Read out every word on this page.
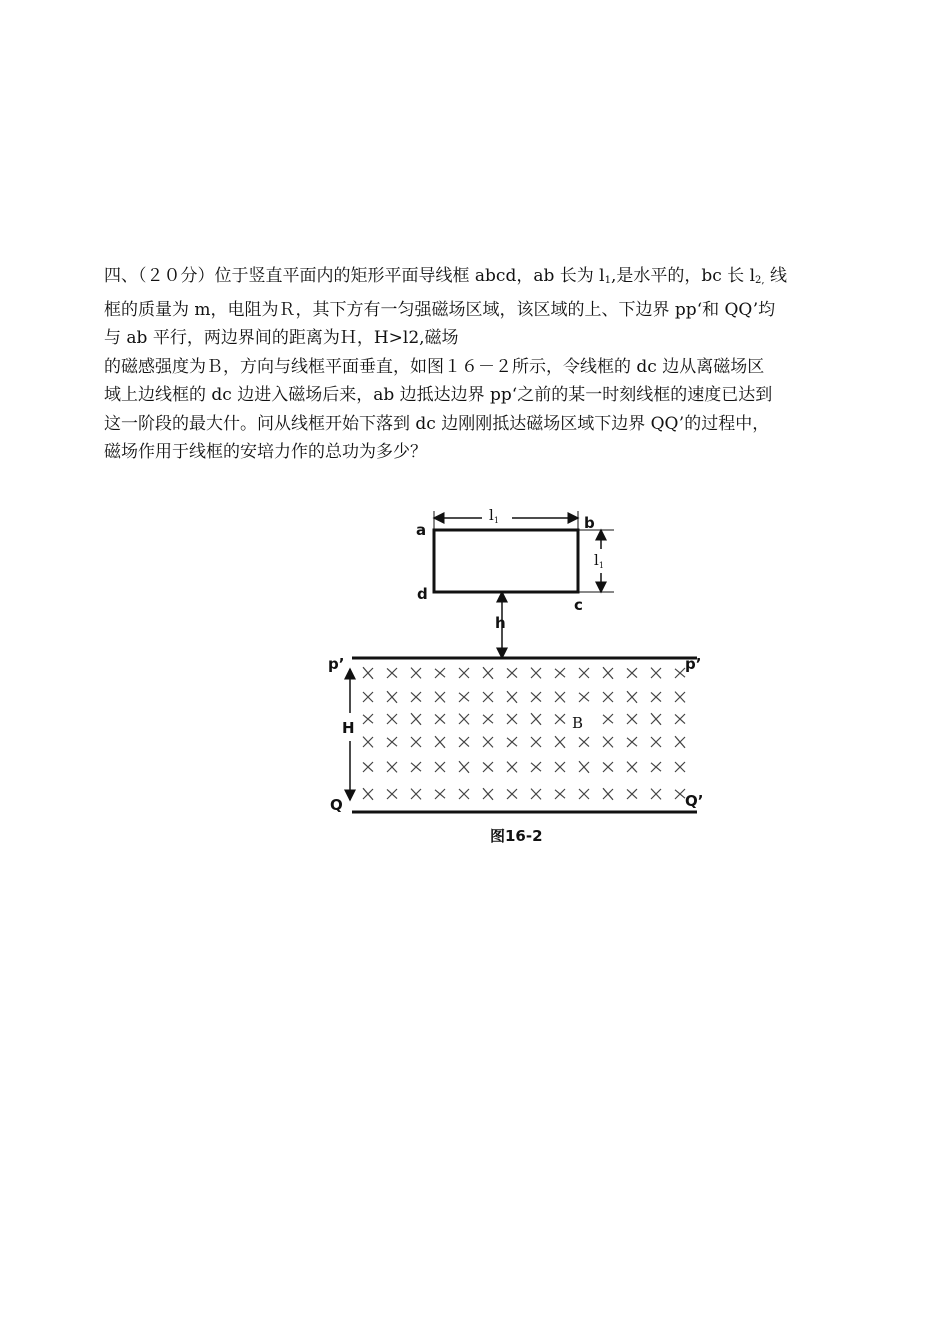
四、（２０分）位于竖直平面内的矩形平面导线框 abcd，ab 长为 $l_1$,是水平的，bc 长 $l_{2,}$ 线

框的质量为 m，电阻为Ｒ，其下方有一匀强磁场区域，该区域的上、下边界 pp‘和 QQ’均

与 ab 平行，两边界间的距离为Ｈ，H>l2,磁场

的磁感强度为Ｂ，方向与线框平面垂直，如图１６－２所示，令线框的 dc 边从离磁场区

域上边线框的 dc 边进入磁场后来，ab 边抵达边界 pp‘之前的某一时刻线框的速度已达到

这一阶段的最大什。问从线框开始下落到 dc 边刚刚抵达磁场区域下边界 QQ’的过程中，

磁场作用于线框的安培力作的总功为多少？

$l_1$
$l_1$
a	b
c
d
h
p’	p’
Q	Q’
H	B
图16-2
